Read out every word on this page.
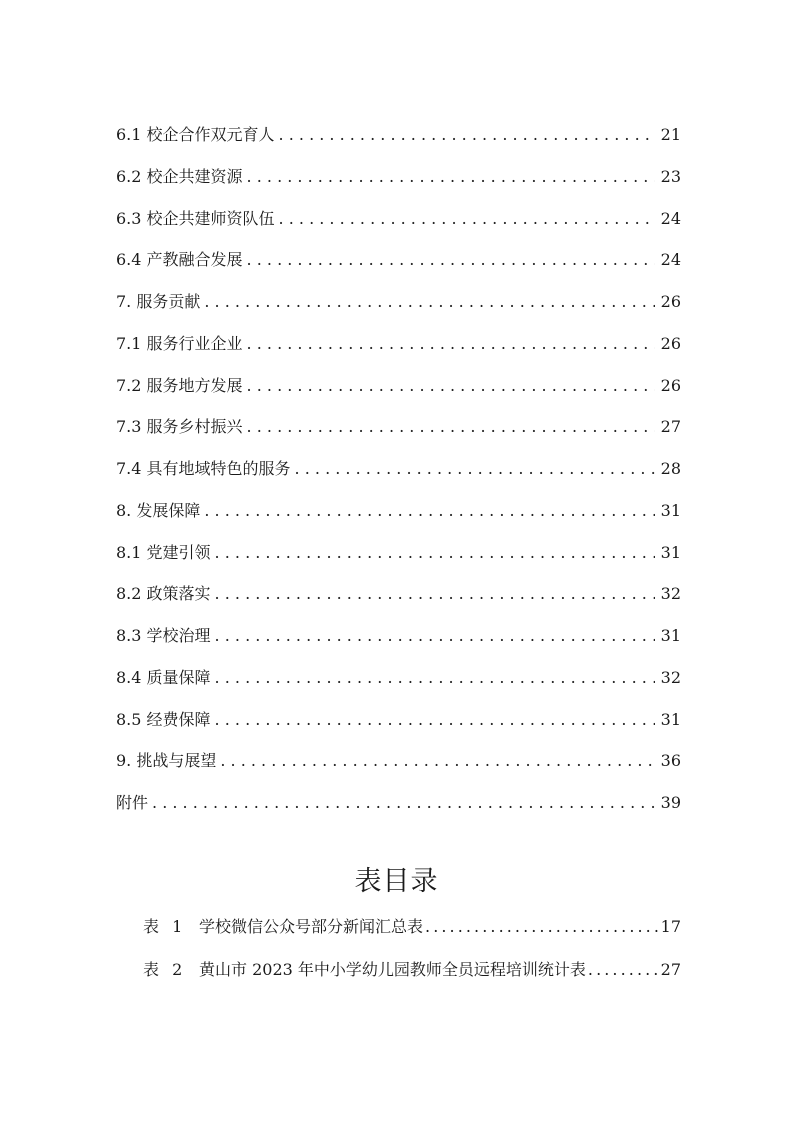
6.1 校企合作双元育人 . . .	21
6.2 校企共建资源 . . .	23
6.3 校企共建师资队伍 . . .	24
6.4 产教融合发展 . . .	24
7. 服务贡献 . . .	26
7.1 服务行业企业 . . .	26
7.2 服务地方发展 . . .	26
7.3 服务乡村振兴 . . .	27
7.4 具有地域特色的服务 . . .	28
8. 发展保障 . . .	31
8.1 党建引领 . . .	31
8.2 政策落实 . . .	32
8.3 学校治理 . . .	31
8.4 质量保障 . . .	32
8.5 经费保障 . . .	31
9. 挑战与展望 . . .	36
附件 . . .	39
表目录
表 1 学校微信公众号部分新闻汇总表 . . .	17
表 2 黄山市 2023 年中小学幼儿园教师全员远程培训统计表 . . .	27
